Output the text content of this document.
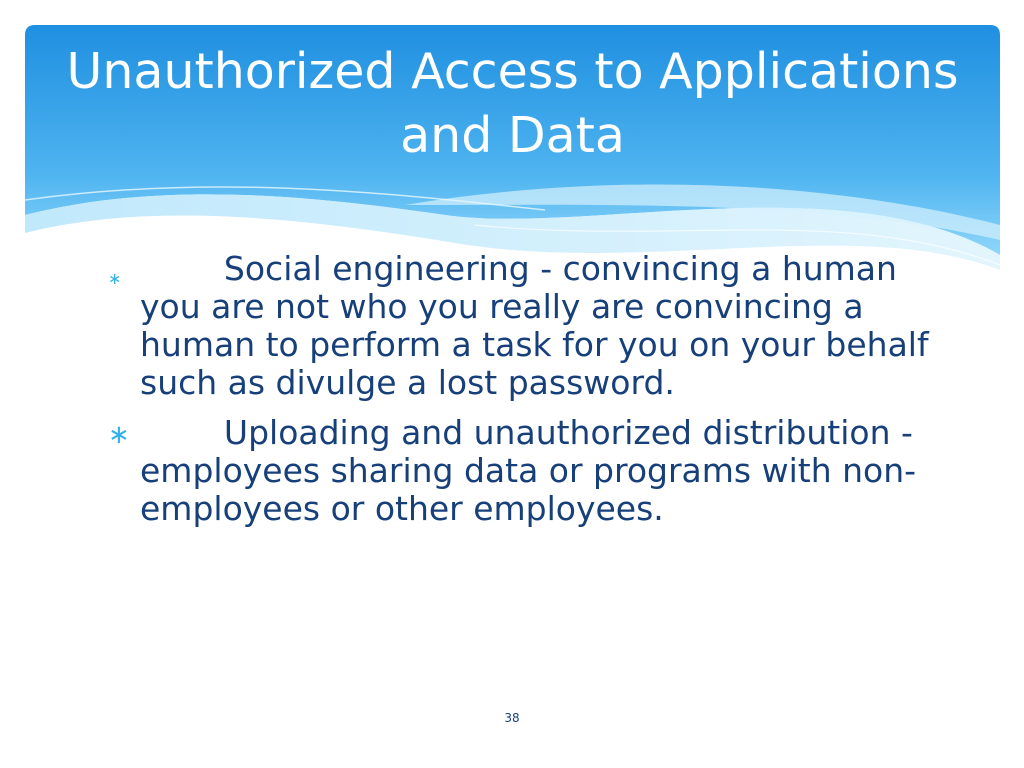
Unauthorized Access to Applications and Data
∗	Social engineering - convincing a human you are not who you really are convincing a human to perform a task for you on your behalf such as divulge a lost password.
∗	Uploading and unauthorized distribution - employees sharing data or programs with non-employees or other employees.
38
